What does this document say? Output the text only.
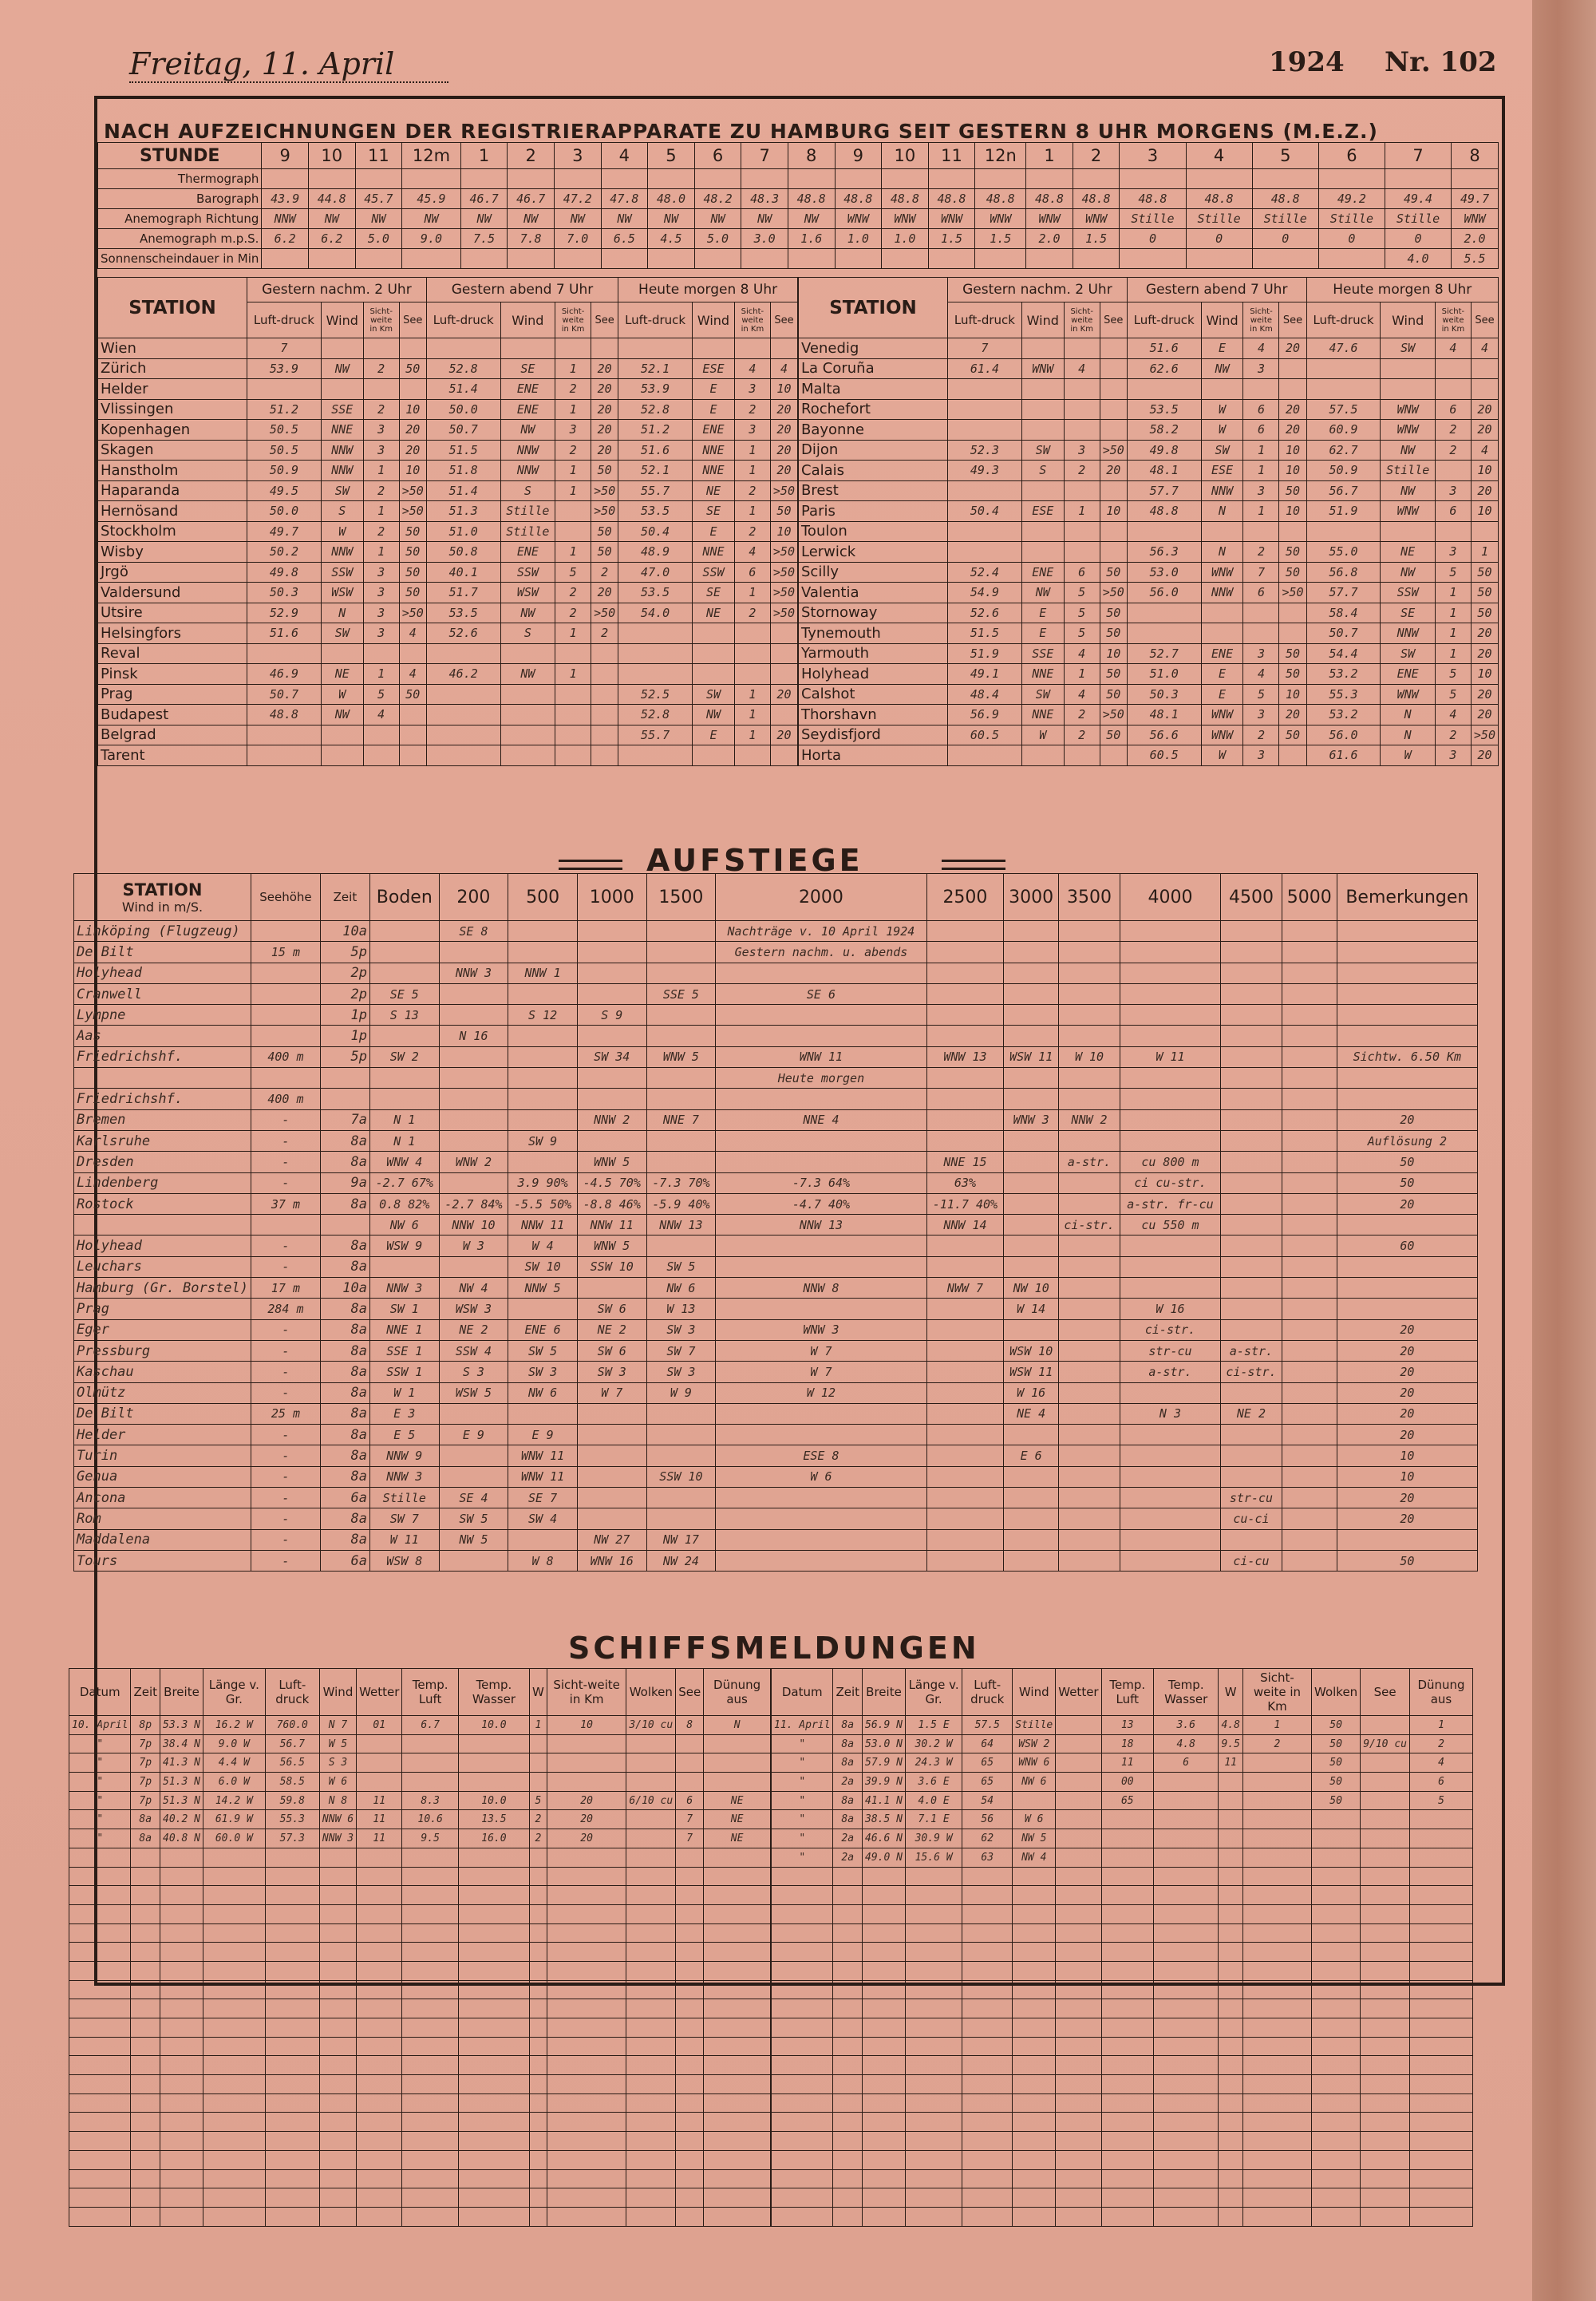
Freitag, 11. April	1924 Nr. 102
NACH AUFZEICHNUNGEN DER REGISTRIERAPPARATE ZU HAMBURG SEIT GESTERN 8 UHR MORGENS (M.E.Z.)
STUNDE	9	10	11	12m	1	2	3	4	5	6	7	8	9	10	11	12n	1	2	3	4	5	6	7	8
Thermograph																								
Barograph	43.9	44.8	45.7	45.9	46.7	46.7	47.2	47.8	48.0	48.2	48.3	48.8	48.8	48.8	48.8	48.8	48.8	48.8	48.8	48.8	48.8	49.2	49.4	49.7
Anemograph Richtung	NNW	NW	NW	NW	NW	NW	NW	NW	NW	NW	NW	NW	WNW	WNW	WNW	WNW	WNW	WNW	Stille	Stille	Stille	Stille	Stille	WNW
Anemograph m.p.S.	6.2	6.2	5.0	9.0	7.5	7.8	7.0	6.5	4.5	5.0	3.0	1.6	1.0	1.0	1.5	1.5	2.0	1.5	0	0	0	0	0	2.0
Sonnenscheindauer in Min																							4.0	5.5
STATION	Gestern nachm. 2 Uhr				Gestern abend 7 Uhr				Heute morgen 8 Uhr			
	Luft-druck	Wind	Sicht-weite in Km	See	Luft-druck	Wind	Sicht-weite in Km	See	Luft-druck	Wind	Sicht-weite in Km	See
Wien	7											
Zürich	53.9	NW	2	50	52.8	SE	1	20	52.1	ESE	4	4
Helder					51.4	ENE	2	20	53.9	E	3	10
Vlissingen	51.2	SSE	2	10	50.0	ENE	1	20	52.8	E	2	20
Kopenhagen	50.5	NNE	3	20	50.7	NW	3	20	51.2	ENE	3	20
Skagen	50.5	NNW	3	20	51.5	NNW	2	20	51.6	NNE	1	20
Hanstholm	50.9	NNW	1	10	51.8	NNW	1	50	52.1	NNE	1	20
Haparanda	49.5	SW	2	>50	51.4	S	1	>50	55.7	NE	2	>50
Hernösand	50.0	S	1	>50	51.3	Stille		>50	53.5	SE	1	50
Stockholm	49.7	W	2	50	51.0	Stille		50	50.4	E	2	10
Wisby	50.2	NNW	1	50	50.8	ENE	1	50	48.9	NNE	4	>50
Jrgö	49.8	SSW	3	50	40.1	SSW	5	2	47.0	SSW	6	>50
Valdersund	50.3	WSW	3	50	51.7	WSW	2	20	53.5	SE	1	>50
Utsire	52.9	N	3	>50	53.5	NW	2	>50	54.0	NE	2	>50
Helsingfors	51.6	SW	3	4	52.6	S	1	2				
Reval												
Pinsk	46.9	NE	1	4	46.2	NW	1					
Prag	50.7	W	5	50					52.5	SW	1	20
Budapest	48.8	NW	4						52.8	NW	1	
Belgrad									55.7	E	1	20
Tarent												
STATION	Gestern nachm. 2 Uhr				Gestern abend 7 Uhr				Heute morgen 8 Uhr			
	Luft-druck	Wind	Sicht-weite in Km	See	Luft-druck	Wind	Sicht-weite in Km	See	Luft-druck	Wind	Sicht-weite in Km	See
Venedig	7				51.6	E	4	20	47.6	SW	4	4
La Coruña	61.4	WNW	4		62.6	NW	3					
Malta												
Rochefort					53.5	W	6	20	57.5	WNW	6	20
Bayonne					58.2	W	6	20	60.9	WNW	2	20
Dijon	52.3	SW	3	>50	49.8	SW	1	10	62.7	NW	2	4
Calais	49.3	S	2	20	48.1	ESE	1	10	50.9	Stille		10
Brest					57.7	NNW	3	50	56.7	NW	3	20
Paris	50.4	ESE	1	10	48.8	N	1	10	51.9	WNW	6	10
Toulon												
Lerwick					56.3	N	2	50	55.0	NE	3	1
Scilly	52.4	ENE	6	50	53.0	WNW	7	50	56.8	NW	5	50
Valentia	54.9	NW	5	>50	56.0	NNW	6	>50	57.7	SSW	1	50
Stornoway	52.6	E	5	50					58.4	SE	1	50
Tynemouth	51.5	E	5	50					50.7	NNW	1	20
Yarmouth	51.9	SSE	4	10	52.7	ENE	3	50	54.4	SW	1	20
Holyhead	49.1	NNE	1	50	51.0	E	4	50	53.2	ENE	5	10
Calshot	48.4	SW	4	50	50.3	E	5	10	55.3	WNW	5	20
Thorshavn	56.9	NNE	2	>50	48.1	WNW	3	20	53.2	N	4	20
Seydisfjord	60.5	W	2	50	56.6	WNW	2	50	56.0	N	2	>50
Horta					60.5	W	3		61.6	W	3	20
AUFSTIEGE
STATION
Wind in m/S.	Seehöhe	Zeit	Boden	200	500	1000	1500	2000	2500	3000	3500	4000	4500	5000	Bemerkungen
Linköping (Flugzeug)		10a		SE 8				Nachträge v. 10 April 1924							
De Bilt	15 m	5p						Gestern nachm. u. abends							
Holyhead		2p		NNW 3	NNW 1										
Cranwell		2p	SE 5				SSE 5	SE 6							
Lympne		1p	S 13		S 12	S 9									
Aas		1p		N 16											
Friedrichshf.	400 m	5p	SW 2			SW 34	WNW 5	WNW 11	WNW 13	WSW 11	W 10	W 11			Sichtw. 6.50 Km
								Heute morgen							
Friedrichshf.	400 m														
Bremen	-	7a	N 1			NNW 2	NNE 7	NNE 4		WNW 3	NNW 2				20
Karlsruhe	-	8a	N 1		SW 9										Auflösung 2
Dresden	-	8a	WNW 4	WNW 2		WNW 5			NNE 15		a-str.	cu 800 m			50
Lindenberg	-	9a	-2.7 67%		3.9 90%	-4.5 70%	-7.3 70%	-7.3 64%	63%			ci cu-str.			50
Rostock	37 m	8a	0.8 82%	-2.7 84%	-5.5 50%	-8.8 46%	-5.9 40%	-4.7 40%	-11.7 40%			a-str. fr-cu			20
			NW 6	NNW 10	NNW 11	NNW 11	NNW 13	NNW 13	NNW 14		ci-str.	cu 550 m			
Holyhead	-	8a	WSW 9	W 3	W 4	WNW 5									60
Leuchars	-	8a			SW 10	SSW 10	SW 5								
Hamburg (Gr. Borstel)	17 m	10a	NNW 3	NW 4	NNW 5		NW 6	NNW 8	NWW 7	NW 10					
Prag	284 m	8a	SW 1	WSW 3		SW 6	W 13			W 14		W 16			
Eger	-	8a	NNE 1	NE 2	ENE 6	NE 2	SW 3	WNW 3				ci-str.			20
Pressburg	-	8a	SSE 1	SSW 4	SW 5	SW 6	SW 7	W 7		WSW 10		str-cu	a-str.		20
Kaschau	-	8a	SSW 1	S 3	SW 3	SW 3	SW 3	W 7		WSW 11		a-str.	ci-str.		20
Olmütz	-	8a	W 1	WSW 5	NW 6	W 7	W 9	W 12		W 16					20
De Bilt	25 m	8a	E 3							NE 4		N 3	NE 2		20
Helder	-	8a	E 5	E 9	E 9										20
Turin	-	8a	NNW 9		WNW 11			ESE 8		E 6					10
Genua	-	8a	NNW 3		WNW 11		SSW 10	W 6							10
Ancona	-	6a	Stille	SE 4	SE 7								str-cu		20
Rom	-	8a	SW 7	SW 5	SW 4								cu-ci		20
Maddalena	-	8a	W 11	NW 5		NW 27	NW 17								
Tours	-	6a	WSW 8		W 8	WNW 16	NW 24						ci-cu		50
SCHIFFSMELDUNGEN
Datum	Zeit	Breite	Länge v. Gr.	Luft-druck	Wind	Wetter	Temp. Luft	Temp. Wasser	W	Sicht-weite in Km	Wolken	See	Dünung aus
10. April	8p	53.3 N	16.2 W	760.0	N 7	01	6.7	10.0	1	10	3/10 cu	8	N
"	7p	38.4 N	9.0 W	56.7	W 5								
"	7p	41.3 N	4.4 W	56.5	S 3								
"	7p	51.3 N	6.0 W	58.5	W 6								
"	7p	51.3 N	14.2 W	59.8	N 8	11	8.3	10.0	5	20	6/10 cu	6	NE
"	8a	40.2 N	61.9 W	55.3	NNW 6	11	10.6	13.5	2	20		7	NE
"	8a	40.8 N	60.0 W	57.3	NNW 3	11	9.5	16.0	2	20		7	NE

Datum	Zeit	Breite	Länge v. Gr.	Luft-druck	Wind	Wetter	Temp. Luft	Temp. Wasser	W	Sicht-weite in Km	Wolken	See	Dünung aus
11. April	8a	56.9 N	1.5 E	57.5	Stille		13	3.6	4.8	1	50		1
"	8a	53.0 N	30.2 W	64	WSW 2		18	4.8	9.5	2	50	9/10 cu	2
"	8a	57.9 N	24.3 W	65	WNW 6		11	6	11		50		4
"	2a	39.9 N	3.6 E	65	NW 6		00				50		6
"	8a	41.1 N	4.0 E	54			65				50		5
"	8a	38.5 N	7.1 E	56	W 6								
"	2a	46.6 N	30.9 W	62	NW 5								
"	2a	49.0 N	15.6 W	63	NW 4								
